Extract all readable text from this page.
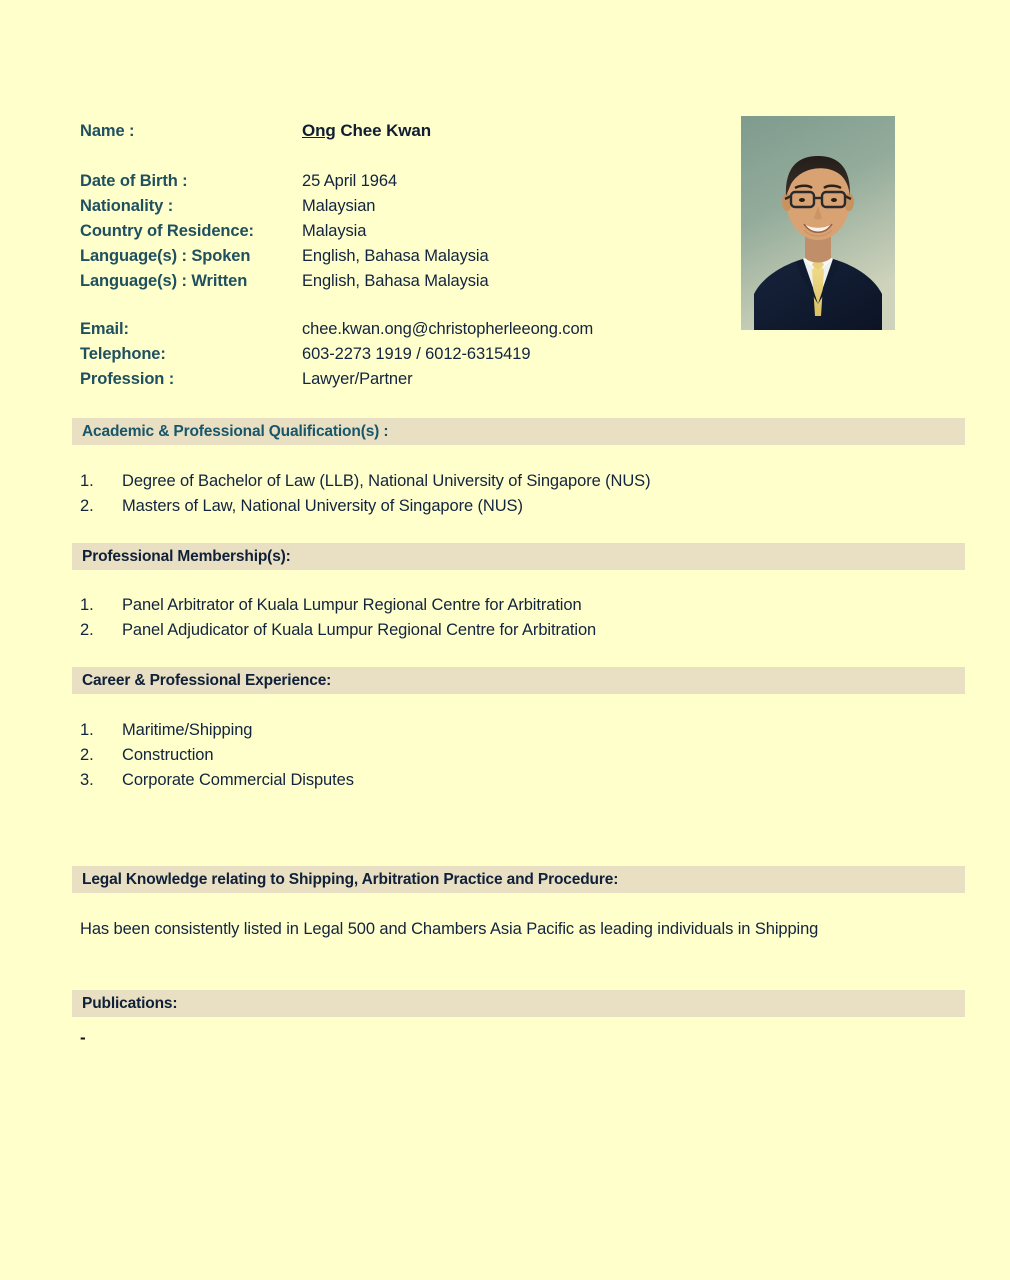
Name :	Ong Chee Kwan
Date of Birth :	25 April 1964
Nationality :	Malaysian
Country of Residence:	Malaysia
Language(s) : Spoken	English, Bahasa Malaysia
Language(s) : Written	English, Bahasa Malaysia
Email:	chee.kwan.ong@christopherleeong.com
Telephone:	603-2273 1919 / 6012-6315419
Profession :	Lawyer/Partner
Academic & Professional Qualification(s) :
1.	Degree of Bachelor of Law (LLB), National University of Singapore (NUS)
2.	Masters of Law, National University of Singapore (NUS)
Professional Membership(s):
1.	Panel Arbitrator of Kuala Lumpur Regional Centre for Arbitration
2.	Panel Adjudicator of Kuala Lumpur Regional Centre for Arbitration
Career & Professional Experience:
1.	Maritime/Shipping
2.	Construction
3.	Corporate Commercial Disputes
Legal Knowledge relating to Shipping, Arbitration Practice and Procedure:
Has been consistently listed in Legal 500 and Chambers Asia Pacific as leading individuals in Shipping
Publications:
-
